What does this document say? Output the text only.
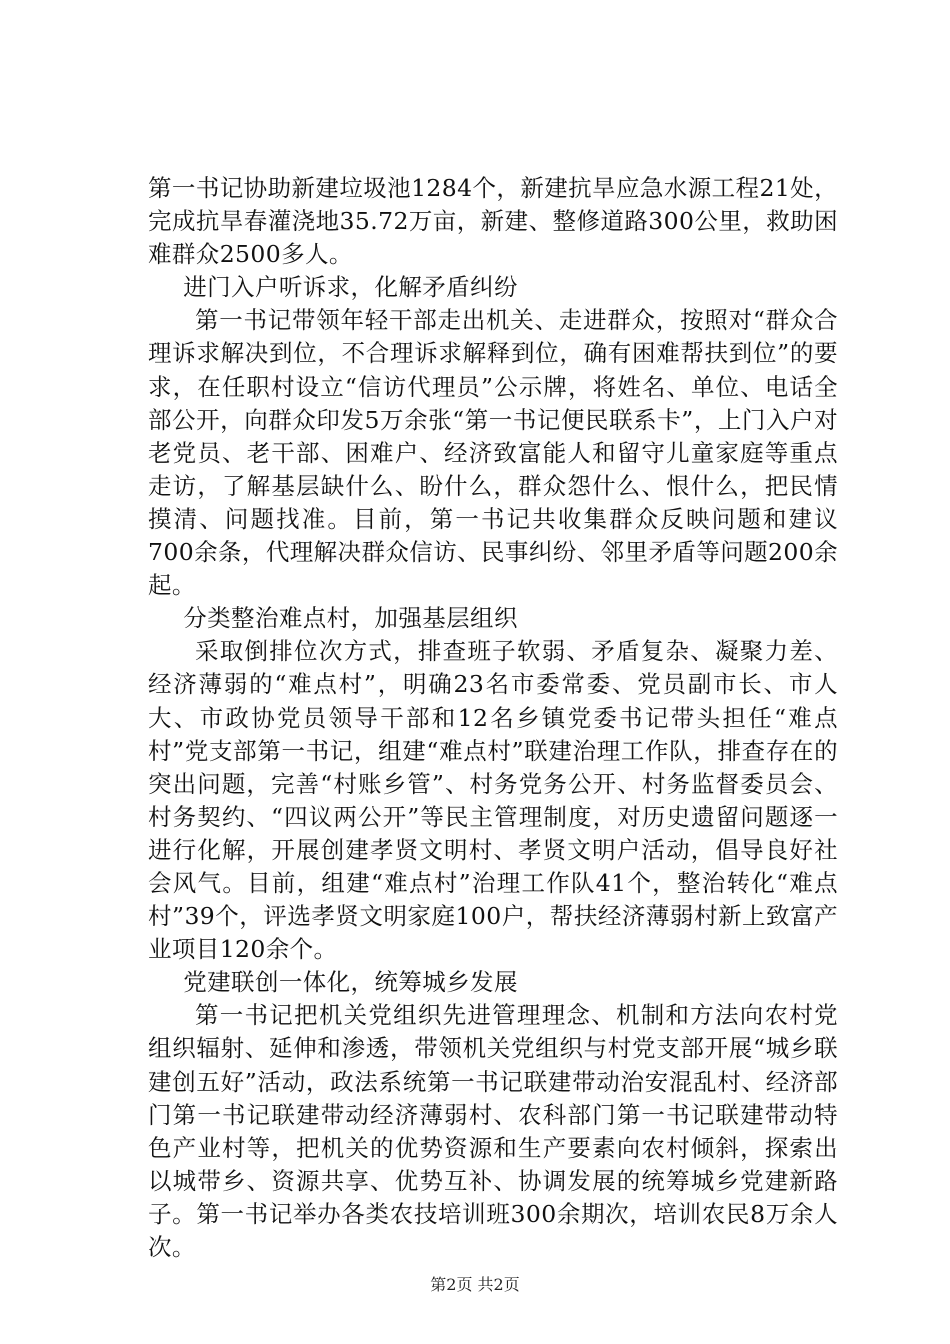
第一书记协助新建垃圾池1284个，新建抗旱应急水源工程21处，完成抗旱春灌浇地35.72万亩，新建、整修道路300公里，救助困难群众2500多人。

进门入户听诉求，化解矛盾纠纷

第一书记带领年轻干部走出机关、走进群众，按照对“群众合理诉求解决到位，不合理诉求解释到位，确有困难帮扶到位”的要求，在任职村设立“信访代理员”公示牌，将姓名、单位、电话全部公开，向群众印发5万余张“第一书记便民联系卡”，上门入户对老党员、老干部、困难户、经济致富能人和留守儿童家庭等重点走访，了解基层缺什么、盼什么，群众怨什么、恨什么，把民情摸清、问题找准。目前，第一书记共收集群众反映问题和建议700余条，代理解决群众信访、民事纠纷、邻里矛盾等问题200余起。

分类整治难点村，加强基层组织

采取倒排位次方式，排查班子软弱、矛盾复杂、凝聚力差、经济薄弱的“难点村”，明确23名市委常委、党员副市长、市人大、市政协党员领导干部和12名乡镇党委书记带头担任“难点村”党支部第一书记，组建“难点村”联建治理工作队，排查存在的突出问题，完善“村账乡管”、村务党务公开、村务监督委员会、村务契约、“四议两公开”等民主管理制度，对历史遗留问题逐一进行化解，开展创建孝贤文明村、孝贤文明户活动，倡导良好社会风气。目前，组建“难点村”治理工作队41个，整治转化“难点村”39个，评选孝贤文明家庭100户，帮扶经济薄弱村新上致富产业项目120余个。

党建联创一体化，统筹城乡发展

第一书记把机关党组织先进管理理念、机制和方法向农村党组织辐射、延伸和渗透，带领机关党组织与村党支部开展“城乡联建创五好”活动，政法系统第一书记联建带动治安混乱村、经济部门第一书记联建带动经济薄弱村、农科部门第一书记联建带动特色产业村等，把机关的优势资源和生产要素向农村倾斜，探索出以城带乡、资源共享、优势互补、协调发展的统筹城乡党建新路子。第一书记举办各类农技培训班300余期次，培训农民8万余人次。

第2页 共2页
